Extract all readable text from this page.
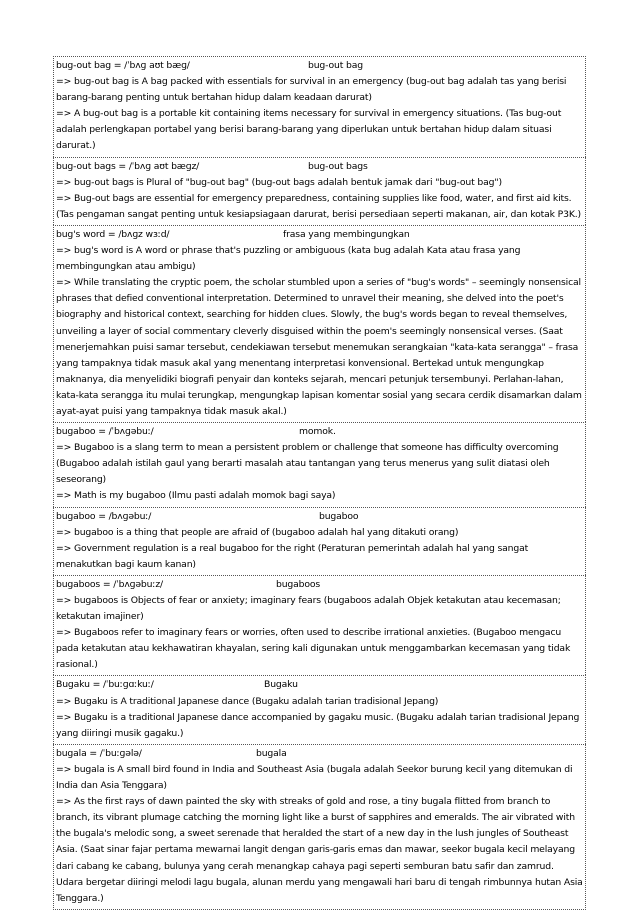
bug-out bag = /ˈbʌɡ aʊt bæɡ/	bug-out bag
=> bug-out bag is A bag packed with essentials for survival in an emergency (bug-out bag adalah tas yang berisi barang-barang penting untuk bertahan hidup dalam keadaan darurat)
=> A bug-out bag is a portable kit containing items necessary for survival in emergency situations. (Tas bug-out adalah perlengkapan portabel yang berisi barang-barang yang diperlukan untuk bertahan hidup dalam situasi darurat.)
bug-out bags = /ˈbʌɡ aʊt bæɡz/	bug-out bags
=> bug-out bags is Plural of "bug-out bag" (bug-out bags adalah bentuk jamak dari "bug-out bag")
=> Bug-out bags are essential for emergency preparedness, containing supplies like food, water, and first aid kits. (Tas pengaman sangat penting untuk kesiapsiagaan darurat, berisi persediaan seperti makanan, air, dan kotak P3K.)
bug's word = /bʌɡz wɜːd/	frasa yang membingungkan
=> bug's word is A word or phrase that's puzzling or ambiguous (kata bug adalah Kata atau frasa yang membingungkan atau ambigu)
=> While translating the cryptic poem, the scholar stumbled upon a series of "bug's words" – seemingly nonsensical phrases that defied conventional interpretation. Determined to unravel their meaning, she delved into the poet's biography and historical context, searching for hidden clues. Slowly, the bug's words began to reveal themselves, unveiling a layer of social commentary cleverly disguised within the poem's seemingly nonsensical verses. (Saat menerjemahkan puisi samar tersebut, cendekiawan tersebut menemukan serangkaian "kata-kata serangga" – frasa yang tampaknya tidak masuk akal yang menentang interpretasi konvensional. Bertekad untuk mengungkap maknanya, dia menyelidiki biografi penyair dan konteks sejarah, mencari petunjuk tersembunyi. Perlahan-lahan, kata-kata serangga itu mulai terungkap, mengungkap lapisan komentar sosial yang secara cerdik disamarkan dalam ayat-ayat puisi yang tampaknya tidak masuk akal.)
bugaboo = /ˈbʌɡəbuː/	momok.
=> Bugaboo is a slang term to mean a persistent problem or challenge that someone has difficulty overcoming (Bugaboo adalah istilah gaul yang berarti masalah atau tantangan yang terus menerus yang sulit diatasi oleh seseorang)
=> Math is my bugaboo (Ilmu pasti adalah momok bagi saya)
bugaboo = /bʌɡəbuː/	bugaboo
=> bugaboo is a thing that people are afraid of (bugaboo adalah hal yang ditakuti orang)
=> Government regulation is a real bugaboo for the right (Peraturan pemerintah adalah hal yang sangat menakutkan bagi kaum kanan)
bugaboos = /ˈbʌɡəbuːz/	bugaboos
=> bugaboos is Objects of fear or anxiety; imaginary fears (bugaboos adalah Objek ketakutan atau kecemasan; ketakutan imajiner)
=> Bugaboos refer to imaginary fears or worries, often used to describe irrational anxieties. (Bugaboo mengacu pada ketakutan atau kekhawatiran khayalan, sering kali digunakan untuk menggambarkan kecemasan yang tidak rasional.)
Bugaku = /ˈbuːɡɑːkuː/	Bugaku
=> Bugaku is A traditional Japanese dance (Bugaku adalah tarian tradisional Jepang)
=> Bugaku is a traditional Japanese dance accompanied by gagaku music. (Bugaku adalah tarian tradisional Jepang yang diiringi musik gagaku.)
bugala = /ˈbuːɡələ/	bugala
=> bugala is A small bird found in India and Southeast Asia (bugala adalah Seekor burung kecil yang ditemukan di India dan Asia Tenggara)
=> As the first rays of dawn painted the sky with streaks of gold and rose, a tiny bugala flitted from branch to branch, its vibrant plumage catching the morning light like a burst of sapphires and emeralds. The air vibrated with the bugala's melodic song, a sweet serenade that heralded the start of a new day in the lush jungles of Southeast Asia. (Saat sinar fajar pertama mewarnai langit dengan garis-garis emas dan mawar, seekor bugala kecil melayang dari cabang ke cabang, bulunya yang cerah menangkap cahaya pagi seperti semburan batu safir dan zamrud. Udara bergetar diiringi melodi lagu bugala, alunan merdu yang mengawali hari baru di tengah rimbunnya hutan Asia Tenggara.)
